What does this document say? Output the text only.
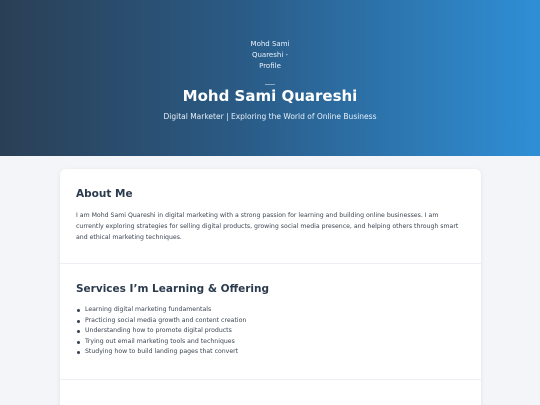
Mohd Sami Quareshi - Profile
Mohd Sami Quareshi

Digital Marketer | Exploring the World of Online Business

About Me

I am Mohd Sami Quareshi in digital marketing with a strong passion for learning and building online businesses. I am currently exploring strategies for selling digital products, growing social media presence, and helping others through smart and ethical marketing techniques.

Services I’m Learning & Offering
Learning digital marketing fundamentals
Practicing social media growth and content creation
Understanding how to promote digital products
Trying out email marketing tools and techniques
Studying how to build landing pages that convert
